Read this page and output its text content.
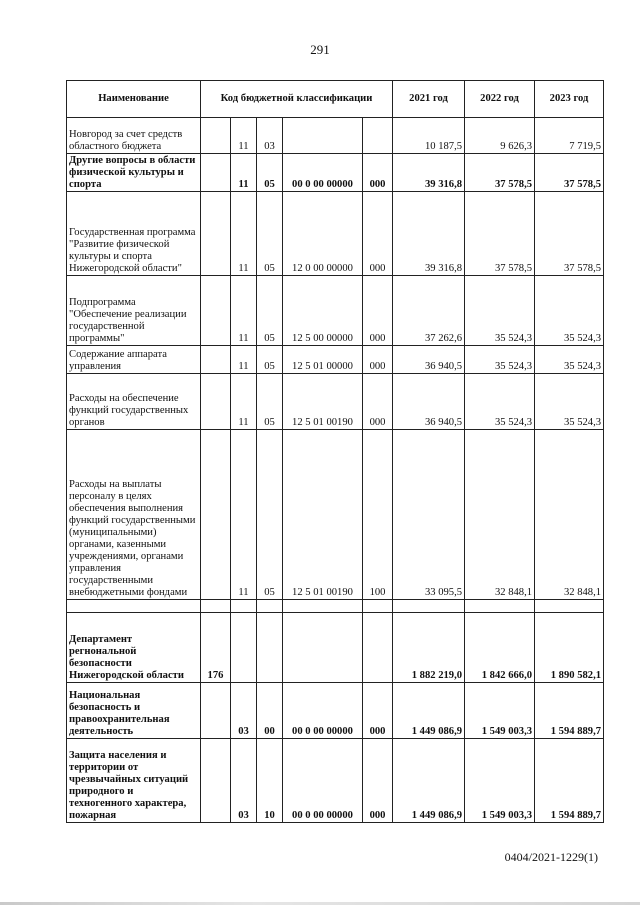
291
Наименование	Код бюджетной классификации					2021 год	2022 год	2023 год
Новгород за счет средств областного бюджета		11	03			10 187,5	9 626,3	7 719,5
Другие вопросы в области физической культуры и спорта		11	05	00 0 00 00000	000	39 316,8	37 578,5	37 578,5
Государственная программа "Развитие физической культуры и спорта Нижегородской области"		11	05	12 0 00 00000	000	39 316,8	37 578,5	37 578,5
Подпрограмма "Обеспечение реализации государственной программы"		11	05	12 5 00 00000	000	37 262,6	35 524,3	35 524,3
Содержание аппарата управления		11	05	12 5 01 00000	000	36 940,5	35 524,3	35 524,3
Расходы на обеспечение функций государственных органов		11	05	12 5 01 00190	000	36 940,5	35 524,3	35 524,3
Расходы на выплаты персоналу в целях обеспечения выполнения функций государственными (муниципальными) органами, казенными учреждениями, органами управления государственными внебюджетными фондами		11	05	12 5 01 00190	100	33 095,5	32 848,1	32 848,1

Департамент регнональной безопасности Нижегородской области	176					1 882 219,0	1 842 666,0	1 890 582,1
Национальная безопасность и правоохранительная деятельность		03	00	00 0 00 00000	000	1 449 086,9	1 549 003,3	1 594 889,7
Защита населения и территории от чрезвычайных ситуаций природного и техногенного характера, пожарная		03	10	00 0 00 00000	000	1 449 086,9	1 549 003,3	1 594 889,7
0404/2021-1229(1)
